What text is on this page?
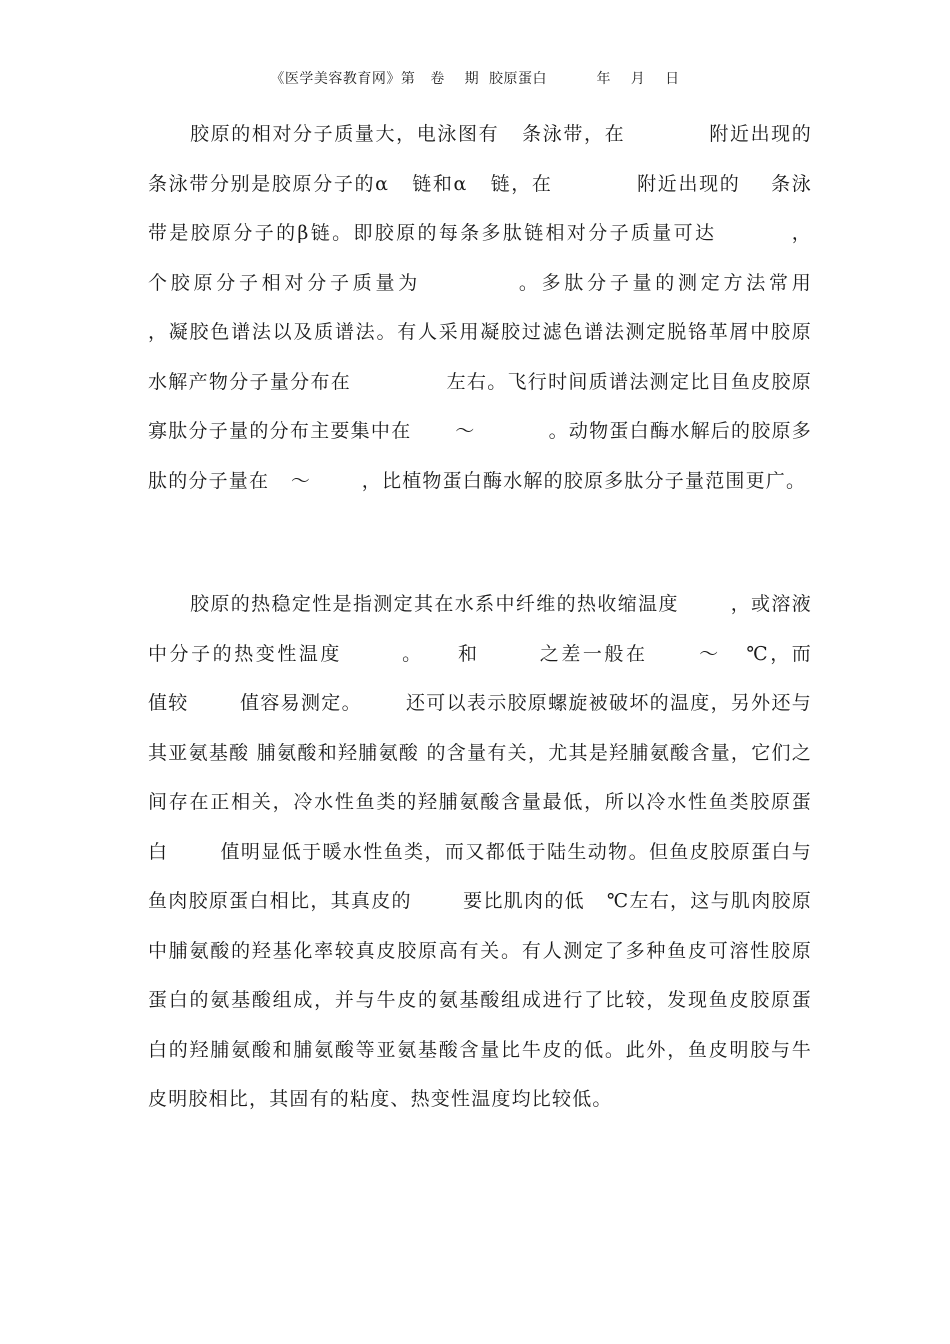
《医学美容教育网》第   卷    期  胶原蛋白          年    月    日

胶原的相对分子质量大，电泳图有   条泳带，在           附近出现的    条泳带分别是胶原分子的α   链和α   链，在           附近出现的    条泳带是胶原分子的β链。即胶原的每条多肽链相对分子质量可达         ，   个胶原分子相对分子质量为          。多肽分子量的测定方法常用                 ，凝胶色谱法以及质谱法。有人采用凝胶过滤色谱法测定脱铬革屑中胶原水解产物分子量分布在             左右。飞行时间质谱法测定比目鱼皮胶原寡肽分子量的分布主要集中在      ～          。动物蛋白酶水解后的胶原多肽的分子量在   ～       ，比植物蛋白酶水解的胶原多肽分子量范围更广。

胶原的热稳定性是指测定其在水系中纤维的热收缩温度       ，或溶液中分子的热变性温度       。    和       之差一般在      ～   ℃，而       值较       值容易测定。      还可以表示胶原螺旋被破坏的温度，另外还与其亚氨基酸 脯氨酸和羟脯氨酸 的含量有关，尤其是羟脯氨酸含量，它们之间存在正相关，冷水性鱼类的羟脯氨酸含量最低，所以冷水性鱼类胶原蛋白       值明显低于暖水性鱼类，而又都低于陆生动物。但鱼皮胶原蛋白与鱼肉胶原蛋白相比，其真皮的       要比肌肉的低   ℃左右，这与肌肉胶原中脯氨酸的羟基化率较真皮胶原高有关。有人测定了多种鱼皮可溶性胶原蛋白的氨基酸组成，并与牛皮的氨基酸组成进行了比较，发现鱼皮胶原蛋白的羟脯氨酸和脯氨酸等亚氨基酸含量比牛皮的低。此外，鱼皮明胶与牛皮明胶相比，其固有的粘度、热变性温度均比较低。
